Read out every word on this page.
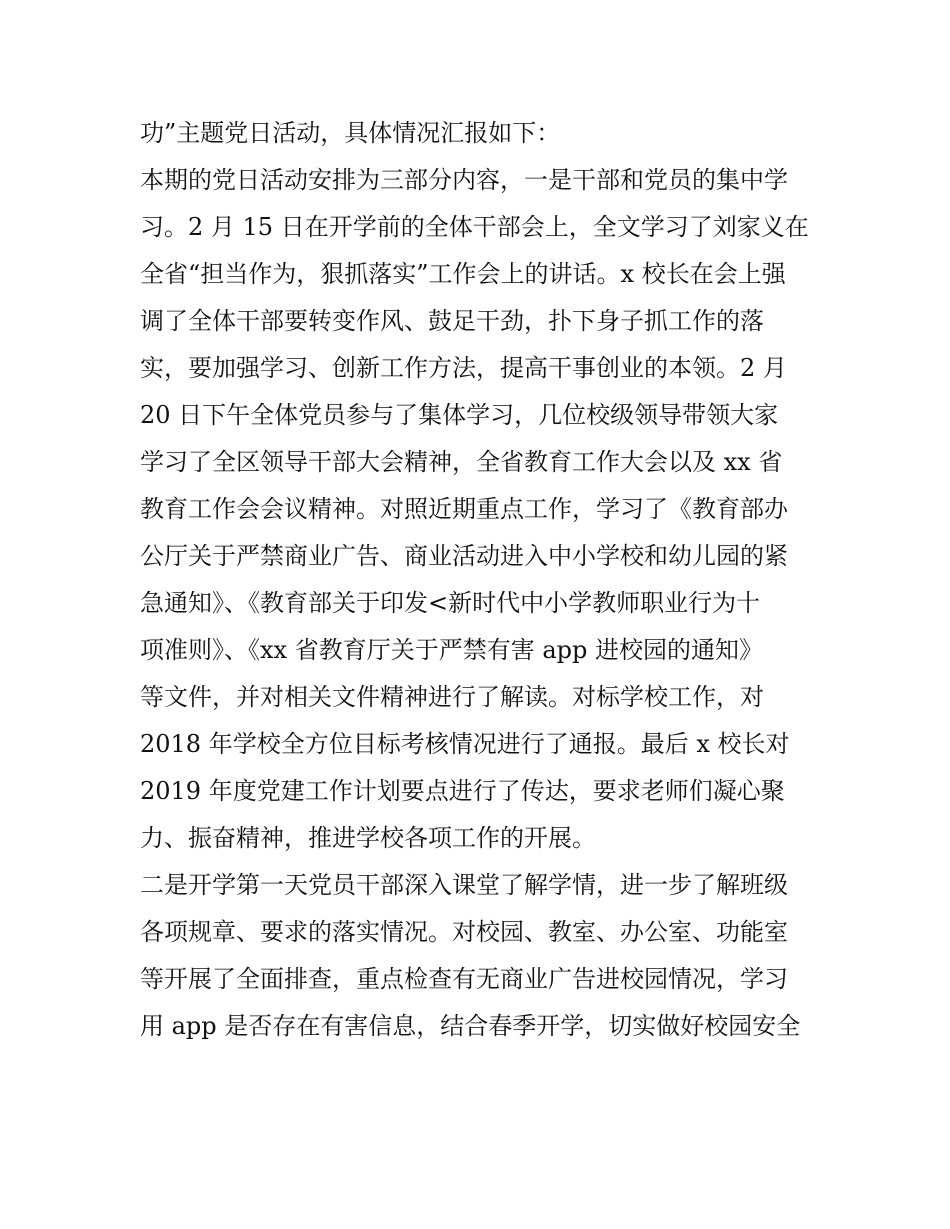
功”主题党日活动，具体情况汇报如下：
本期的党日活动安排为三部分内容，一是干部和党员的集中学
习。2 月 15 日在开学前的全体干部会上，全文学习了刘家义在
全省“担当作为，狠抓落实”工作会上的讲话。x 校长在会上强
调了全体干部要转变作风、鼓足干劲，扑下身子抓工作的落
实，要加强学习、创新工作方法，提高干事创业的本领。2 月
20 日下午全体党员参与了集体学习，几位校级领导带领大家
学习了全区领导干部大会精神，全省教育工作大会以及 xx 省
教育工作会会议精神。对照近期重点工作，学习了《教育部办
公厅关于严禁商业广告、商业活动进入中小学校和幼儿园的紧
急通知》、《教育部关于印发<新时代中小学教师职业行为十
项准则》、《xx 省教育厅关于严禁有害 app 进校园的通知》
等文件，并对相关文件精神进行了解读。对标学校工作，对
2018 年学校全方位目标考核情况进行了通报。最后 x 校长对
2019 年度党建工作计划要点进行了传达，要求老师们凝心聚
力、振奋精神，推进学校各项工作的开展。
二是开学第一天党员干部深入课堂了解学情，进一步了解班级
各项规章、要求的落实情况。对校园、教室、办公室、功能室
等开展了全面排查，重点检查有无商业广告进校园情况，学习
用 app 是否存在有害信息，结合春季开学，切实做好校园安全
